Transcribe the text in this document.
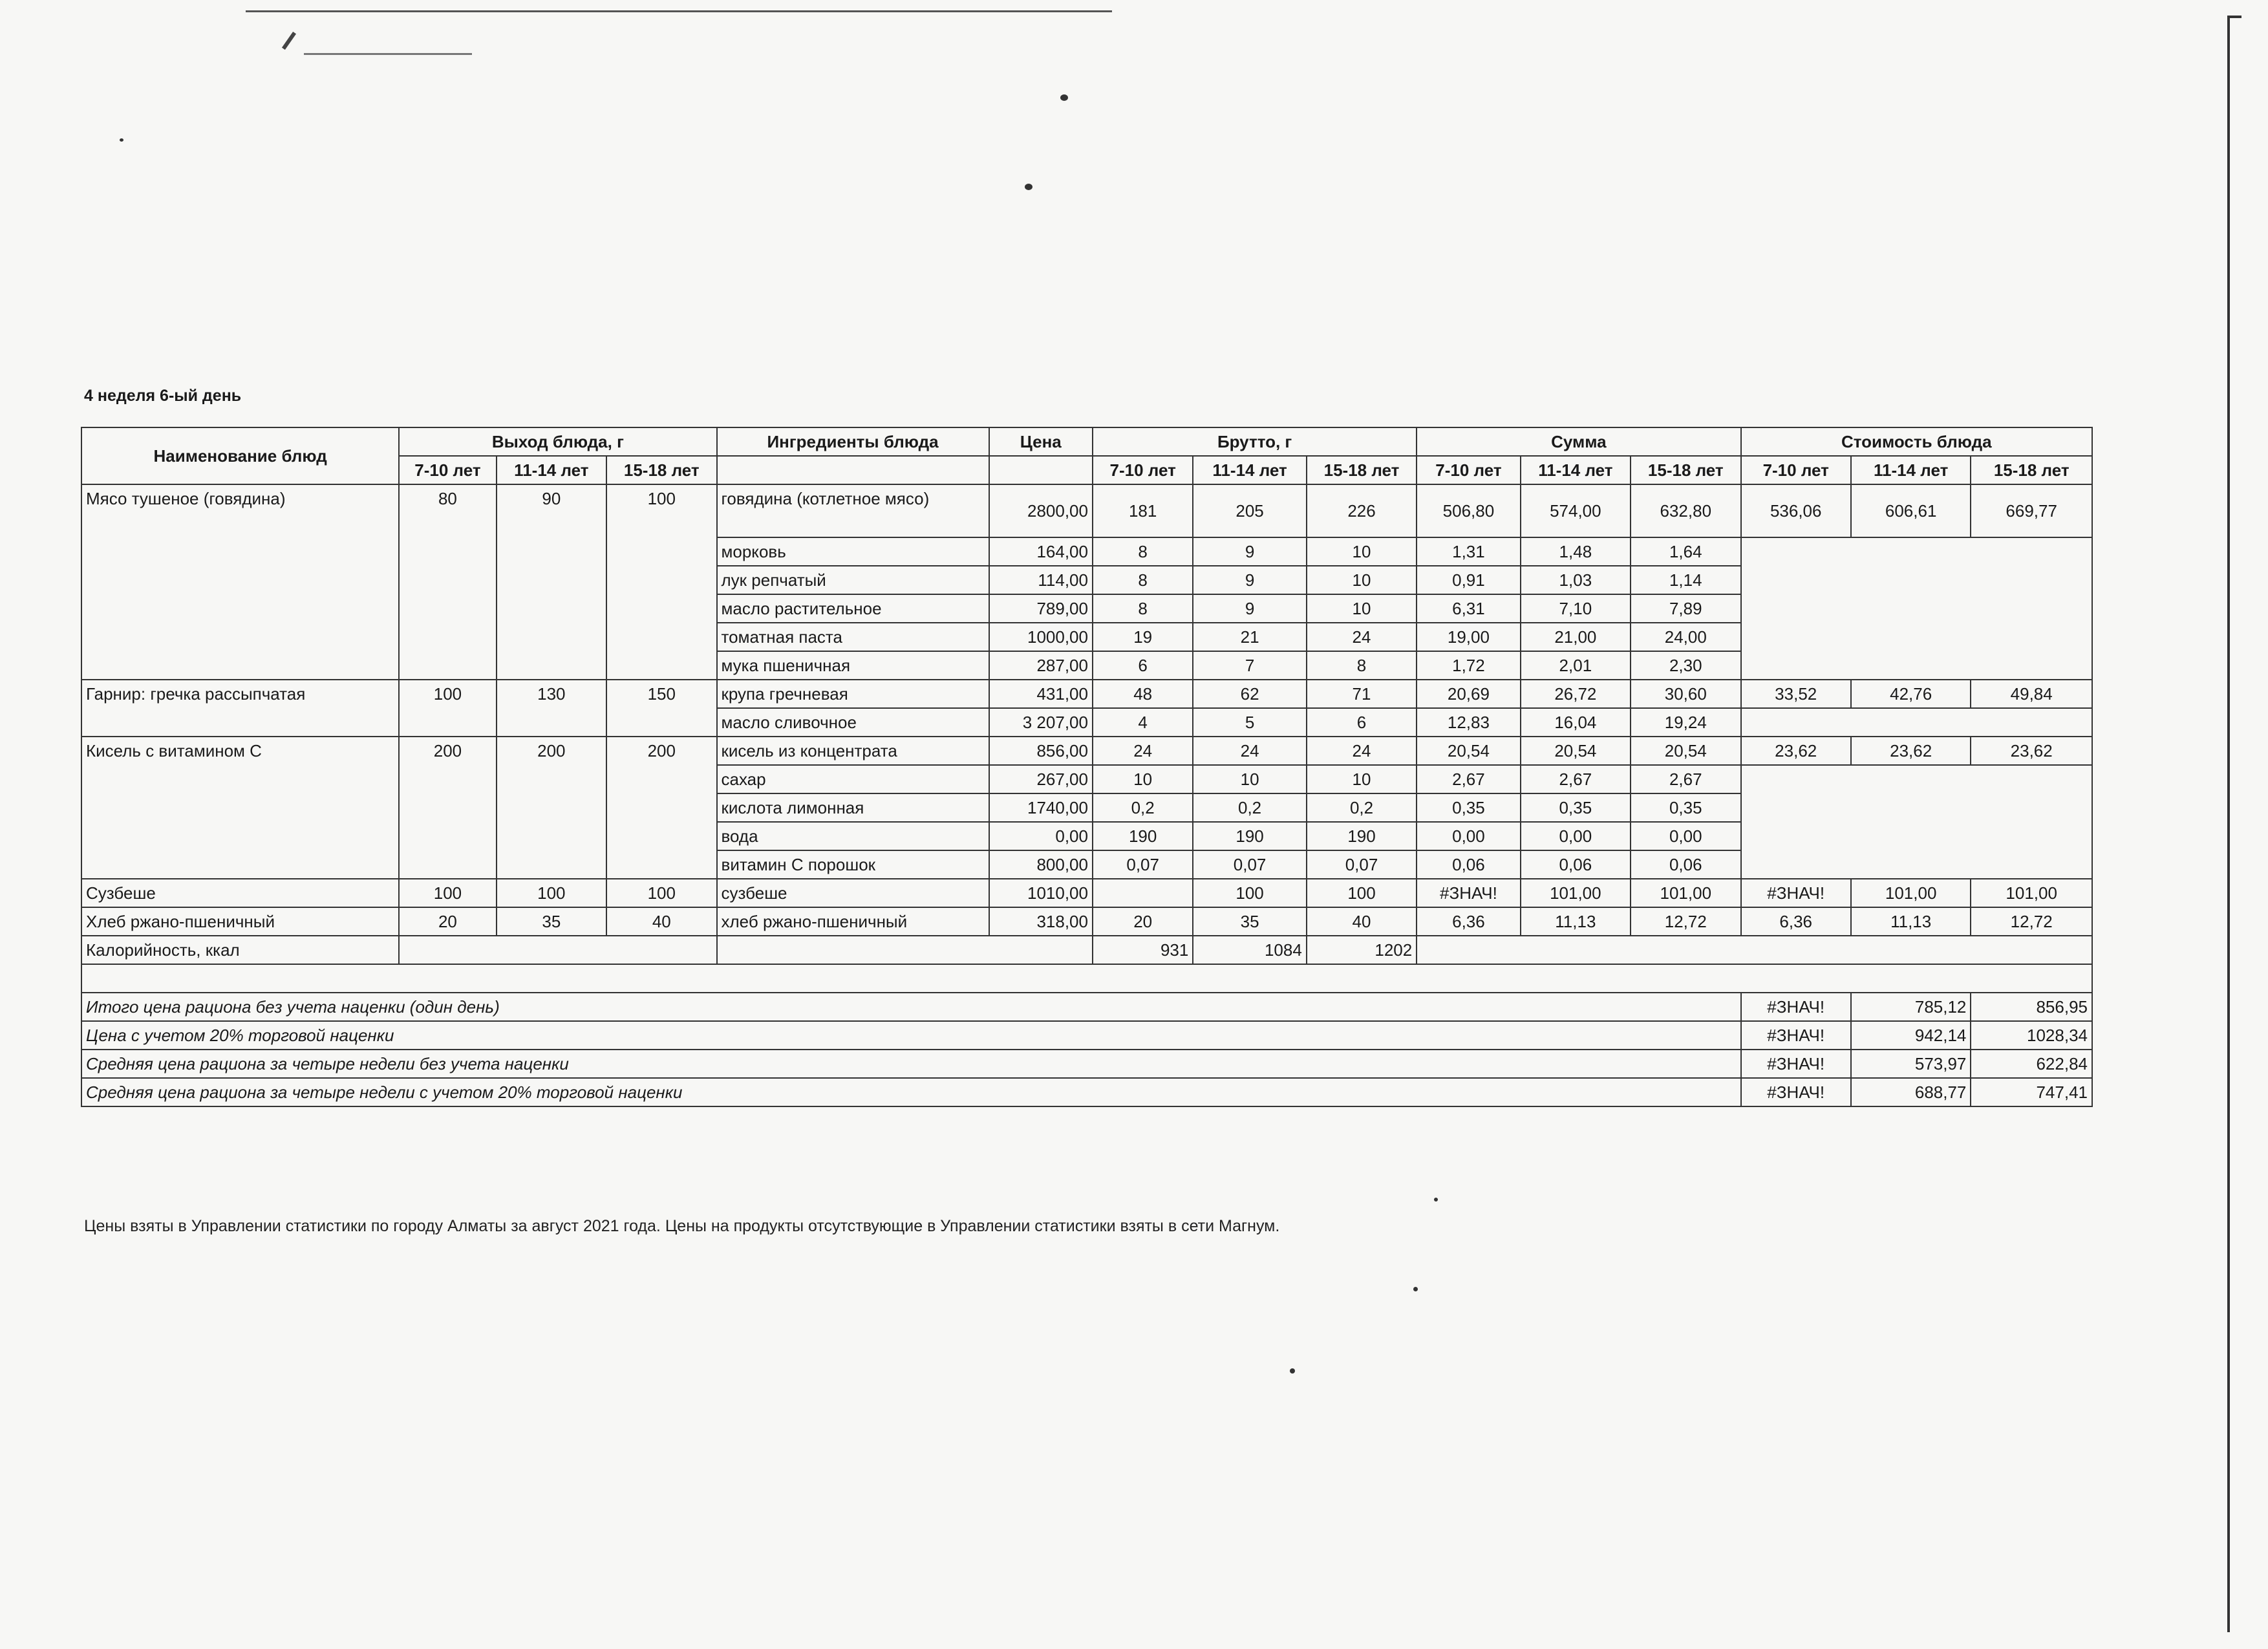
4 неделя 6-ый день
Наименование блюд	Выход блюда, г			Ингредиенты блюда	Цена	Брутто, г			Сумма			Стоимость блюда		
	7-10 лет	11-14 лет	15-18 лет			7-10 лет	11-14 лет	15-18 лет	7-10 лет	11-14 лет	15-18 лет	7-10 лет	11-14 лет	15-18 лет
Мясо тушеное (говядина)	80	90	100	говядина (котлетное мясо)	2800,00	181	205	226	506,80	574,00	632,80	536,06	606,61	669,77
				морковь	164,00	8	9	10	1,31	1,48	1,64			
				лук репчатый	114,00	8	9	10	0,91	1,03	1,14			
				масло растительное	789,00	8	9	10	6,31	7,10	7,89			
				томатная паста	1000,00	19	21	24	19,00	21,00	24,00			
				мука пшеничная	287,00	6	7	8	1,72	2,01	2,30			
Гарнир: гречка рассыпчатая	100	130	150	крупа гречневая	431,00	48	62	71	20,69	26,72	30,60	33,52	42,76	49,84
				масло сливочное	3 207,00	4	5	6	12,83	16,04	19,24			
Кисель с витамином С	200	200	200	кисель из концентрата	856,00	24	24	24	20,54	20,54	20,54	23,62	23,62	23,62
				сахар	267,00	10	10	10	2,67	2,67	2,67			
				кислота лимонная	1740,00	0,2	0,2	0,2	0,35	0,35	0,35			
				вода	0,00	190	190	190	0,00	0,00	0,00			
				витамин С порошок	800,00	0,07	0,07	0,07	0,06	0,06	0,06			
Сузбеше	100	100	100	сузбеше	1010,00		100	100	#ЗНАЧ!	101,00	101,00	#ЗНАЧ!	101,00	101,00
Хлеб ржано-пшеничный	20	35	40	хлеб ржано-пшеничный	318,00	20	35	40	6,36	11,13	12,72	6,36	11,13	12,72
Калорийность, ккал						931	1084	1202						

Итого цена рациона без учета наценки (один день)												#ЗНАЧ!	785,12	856,95
Цена с учетом 20% торговой наценки												#ЗНАЧ!	942,14	1028,34
Средняя цена рациона за четыре недели без учета наценки												#ЗНАЧ!	573,97	622,84
Средняя цена рациона за четыре недели с учетом 20% торговой наценки												#ЗНАЧ!	688,77	747,41
Цены взяты в Управлении статистики по городу Алматы за август 2021 года. Цены на продукты отсутствующие в Управлении статистики взяты в сети Магнум.
